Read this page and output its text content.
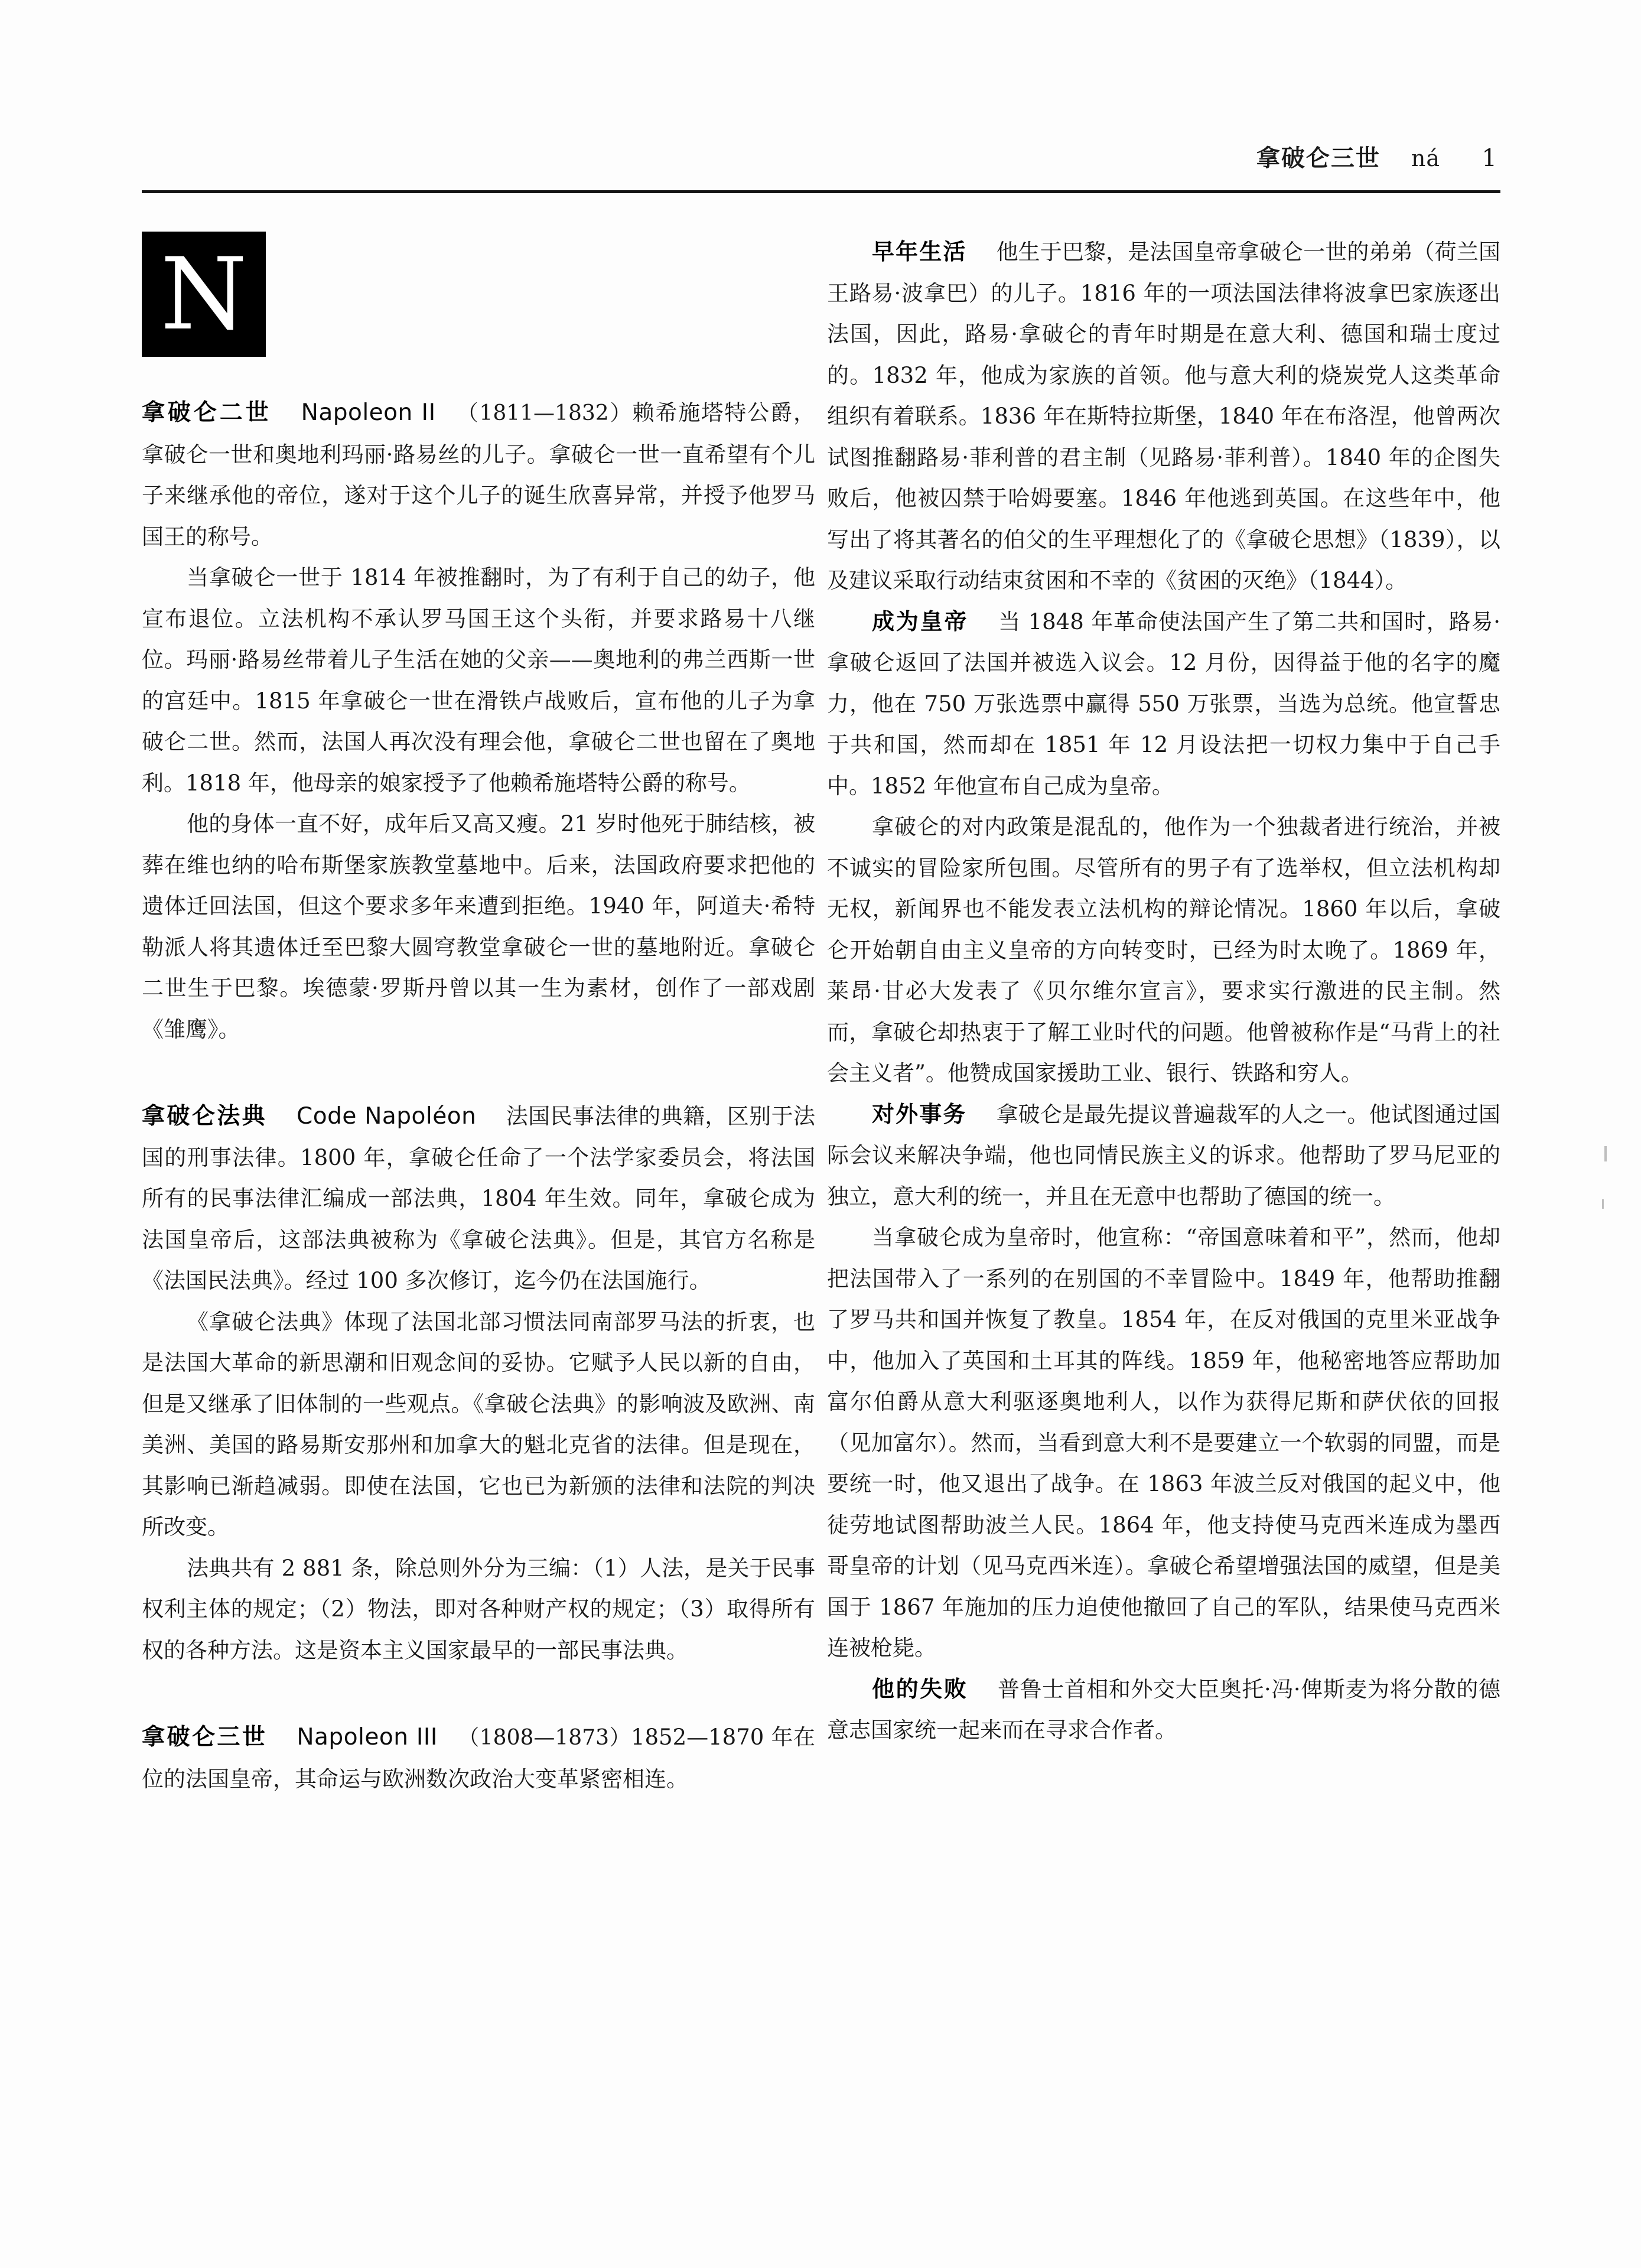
拿破仑三世 ná	1
N

拿破仑二世 Napoleon II （1811—1832）赖希施塔特公爵，拿破仑一世和奥地利玛丽·路易丝的儿子。拿破仑一世一直希望有个儿子来继承他的帝位，遂对于这个儿子的诞生欣喜异常，并授予他罗马国王的称号。

当拿破仑一世于 1814 年被推翻时，为了有利于自己的幼子，他宣布退位。立法机构不承认罗马国王这个头衔，并要求路易十八继位。玛丽·路易丝带着儿子生活在她的父亲——奥地利的弗兰西斯一世的宫廷中。1815 年拿破仑一世在滑铁卢战败后，宣布他的儿子为拿破仑二世。然而，法国人再次没有理会他，拿破仑二世也留在了奥地利。1818 年，他母亲的娘家授予了他赖希施塔特公爵的称号。

他的身体一直不好，成年后又高又瘦。21 岁时他死于肺结核，被葬在维也纳的哈布斯堡家族教堂墓地中。后来，法国政府要求把他的遗体迁回法国，但这个要求多年来遭到拒绝。1940 年，阿道夫·希特勒派人将其遗体迁至巴黎大圆穹教堂拿破仑一世的墓地附近。拿破仑二世生于巴黎。埃德蒙·罗斯丹曾以其一生为素材，创作了一部戏剧《雏鹰》。

拿破仑法典 Code Napoléon 法国民事法律的典籍，区别于法国的刑事法律。1800 年，拿破仑任命了一个法学家委员会，将法国所有的民事法律汇编成一部法典，1804 年生效。同年，拿破仑成为法国皇帝后，这部法典被称为《拿破仑法典》。但是，其官方名称是《法国民法典》。经过 100 多次修订，迄今仍在法国施行。

《拿破仑法典》体现了法国北部习惯法同南部罗马法的折衷，也是法国大革命的新思潮和旧观念间的妥协。它赋予人民以新的自由，但是又继承了旧体制的一些观点。《拿破仑法典》的影响波及欧洲、南美洲、美国的路易斯安那州和加拿大的魁北克省的法律。但是现在，其影响已渐趋减弱。即使在法国，它也已为新颁的法律和法院的判决所改变。

法典共有 2 881 条，除总则外分为三编：（1）人法，是关于民事权利主体的规定；（2）物法，即对各种财产权的规定；（3）取得所有权的各种方法。这是资本主义国家最早的一部民事法典。

拿破仑三世 Napoleon III （1808—1873）1852—1870 年在位的法国皇帝，其命运与欧洲数次政治大变革紧密相连。

早年生活 他生于巴黎，是法国皇帝拿破仑一世的弟弟（荷兰国王路易·波拿巴）的儿子。1816 年的一项法国法律将波拿巴家族逐出法国，因此，路易·拿破仑的青年时期是在意大利、德国和瑞士度过的。1832 年，他成为家族的首领。他与意大利的烧炭党人这类革命组织有着联系。1836 年在斯特拉斯堡，1840 年在布洛涅，他曾两次试图推翻路易·菲利普的君主制（见路易·菲利普）。1840 年的企图失败后，他被囚禁于哈姆要塞。1846 年他逃到英国。在这些年中，他写出了将其著名的伯父的生平理想化了的《拿破仑思想》（1839），以及建议采取行动结束贫困和不幸的《贫困的灭绝》（1844）。

成为皇帝 当 1848 年革命使法国产生了第二共和国时，路易·拿破仑返回了法国并被选入议会。12 月份，因得益于他的名字的魔力，他在 750 万张选票中赢得 550 万张票，当选为总统。他宣誓忠于共和国，然而却在 1851 年 12 月设法把一切权力集中于自己手中。1852 年他宣布自己成为皇帝。

拿破仑的对内政策是混乱的，他作为一个独裁者进行统治，并被不诚实的冒险家所包围。尽管所有的男子有了选举权，但立法机构却无权，新闻界也不能发表立法机构的辩论情况。1860 年以后，拿破仑开始朝自由主义皇帝的方向转变时，已经为时太晚了。1869 年，莱昂·甘必大发表了《贝尔维尔宣言》，要求实行激进的民主制。然而，拿破仑却热衷于了解工业时代的问题。他曾被称作是“马背上的社会主义者”。他赞成国家援助工业、银行、铁路和穷人。

对外事务 拿破仑是最先提议普遍裁军的人之一。他试图通过国际会议来解决争端，他也同情民族主义的诉求。他帮助了罗马尼亚的独立，意大利的统一，并且在无意中也帮助了德国的统一。

当拿破仑成为皇帝时，他宣称：“帝国意味着和平”，然而，他却把法国带入了一系列的在别国的不幸冒险中。1849 年，他帮助推翻了罗马共和国并恢复了教皇。1854 年，在反对俄国的克里米亚战争中，他加入了英国和土耳其的阵线。1859 年，他秘密地答应帮助加富尔伯爵从意大利驱逐奥地利人，以作为获得尼斯和萨伏依的回报（见加富尔）。然而，当看到意大利不是要建立一个软弱的同盟，而是要统一时，他又退出了战争。在 1863 年波兰反对俄国的起义中，他徒劳地试图帮助波兰人民。1864 年，他支持使马克西米连成为墨西哥皇帝的计划（见马克西米连）。拿破仑希望增强法国的威望，但是美国于 1867 年施加的压力迫使他撤回了自己的军队，结果使马克西米连被枪毙。

他的失败 普鲁士首相和外交大臣奥托·冯·俾斯麦为将分散的德意志国家统一起来而在寻求合作者。
